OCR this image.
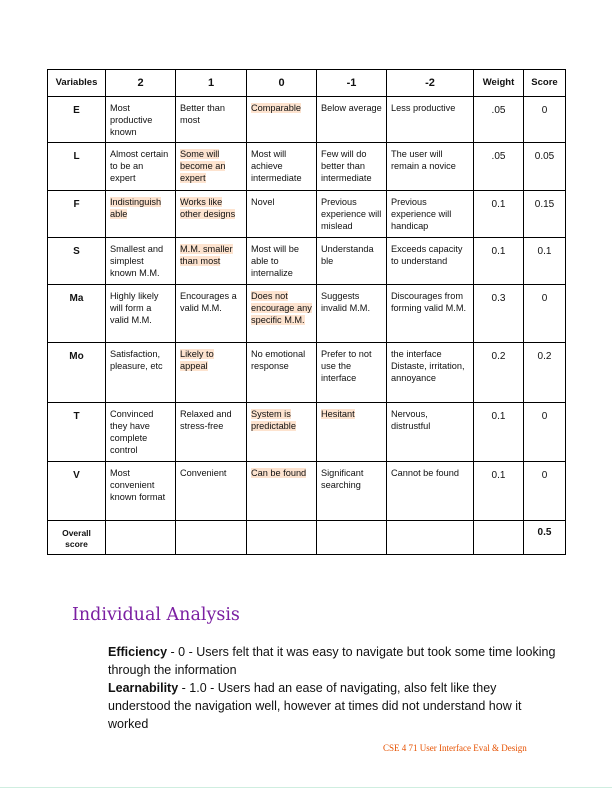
Variables	2	1	0	-1	-2	Weight	Score
E	Most productive known	Better than most	Comparable	Below average	Less productive	.05	0
L	Almost certain to be an expert	Some will become an expert	Most will achieve intermediate	Few will do better than intermediate	The user will remain a novice	.05	0.05
F	Indistinguish able	Works like other designs	Novel	Previous experience will mislead	Previous experience will handicap	0.1	0.15
S	Smallest and simplest known M.M.	M.M. smaller than most	Most will be able to internalize	Understanda ble	Exceeds capacity to understand	0.1	0.1
Ma	Highly likely will form a valid M.M.	Encourages a valid M.M.	Does not encourage any specific M.M.	Suggests invalid M.M.	Discourages from forming valid M.M.	0.3	0
Mo	Satisfaction, pleasure, etc	Likely to appeal	No emotional response	Prefer to not use the interface	the interface Distaste, irritation, annoyance	0.2	0.2
T	Convinced they have complete control	Relaxed and stress-free	System is predictable	Hesitant	Nervous, distrustful	0.1	0
V	Most convenient known format	Convenient	Can be found	Significant searching	Cannot be found	0.1	0
Overall score							0.5
Individual Analysis

Efficiency - 0 - Users felt that it was easy to navigate but took some time looking through the information

Learnability - 1.0 - Users had an ease of navigating, also felt like they understood the navigation well, however at times did not understand how it worked

CSE 4 71 User Interface Eval & Design
